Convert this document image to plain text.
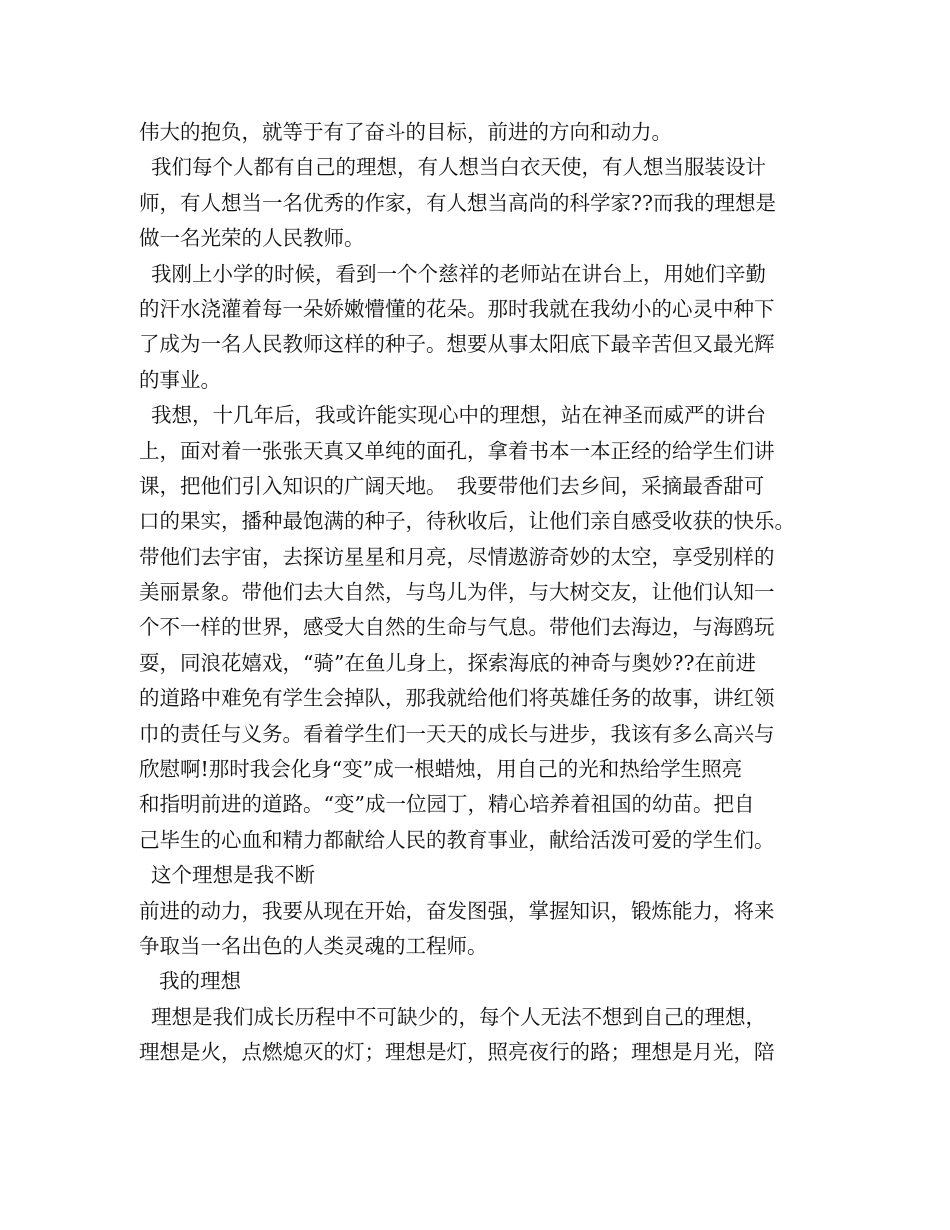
伟大的抱负，就等于有了奋斗的目标，前进的方向和动力。
我们每个人都有自己的理想，有人想当白衣天使，有人想当服装设计
师，有人想当一名优秀的作家，有人想当高尚的科学家??而我的理想是
做一名光荣的人民教师。
我刚上小学的时候，看到一个个慈祥的老师站在讲台上，用她们辛勤
的汗水浇灌着每一朵娇嫩懵懂的花朵。那时我就在我幼小的心灵中种下
了成为一名人民教师这样的种子。想要从事太阳底下最辛苦但又最光辉
的事业。
我想，十几年后，我或许能实现心中的理想，站在神圣而威严的讲台
上，面对着一张张天真又单纯的面孔，拿着书本一本正经的给学生们讲
课，把他们引入知识的广阔天地。　我要带他们去乡间，采摘最香甜可
口的果实，播种最饱满的种子，待秋收后，让他们亲自感受收获的快乐。
带他们去宇宙，去探访星星和月亮，尽情遨游奇妙的太空，享受别样的
美丽景象。带他们去大自然，与鸟儿为伴，与大树交友，让他们认知一
个不一样的世界，感受大自然的生命与气息。带他们去海边，与海鸥玩
耍，同浪花嬉戏，“骑”在鱼儿身上，探索海底的神奇与奥妙??在前进
的道路中难免有学生会掉队，那我就给他们将英雄任务的故事，讲红领
巾的责任与义务。看着学生们一天天的成长与进步，我该有多么高兴与
欣慰啊!那时我会化身“变”成一根蜡烛，用自己的光和热给学生照亮
和指明前进的道路。“变”成一位园丁，精心培养着祖国的幼苗。把自
己毕生的心血和精力都献给人民的教育事业，献给活泼可爱的学生们。
这个理想是我不断
前进的动力，我要从现在开始，奋发图强，掌握知识，锻炼能力，将来
争取当一名出色的人类灵魂的工程师。
我的理想
理想是我们成长历程中不可缺少的，每个人无法不想到自己的理想，
理想是火，点燃熄灭的灯；理想是灯，照亮夜行的路；理想是月光，陪
